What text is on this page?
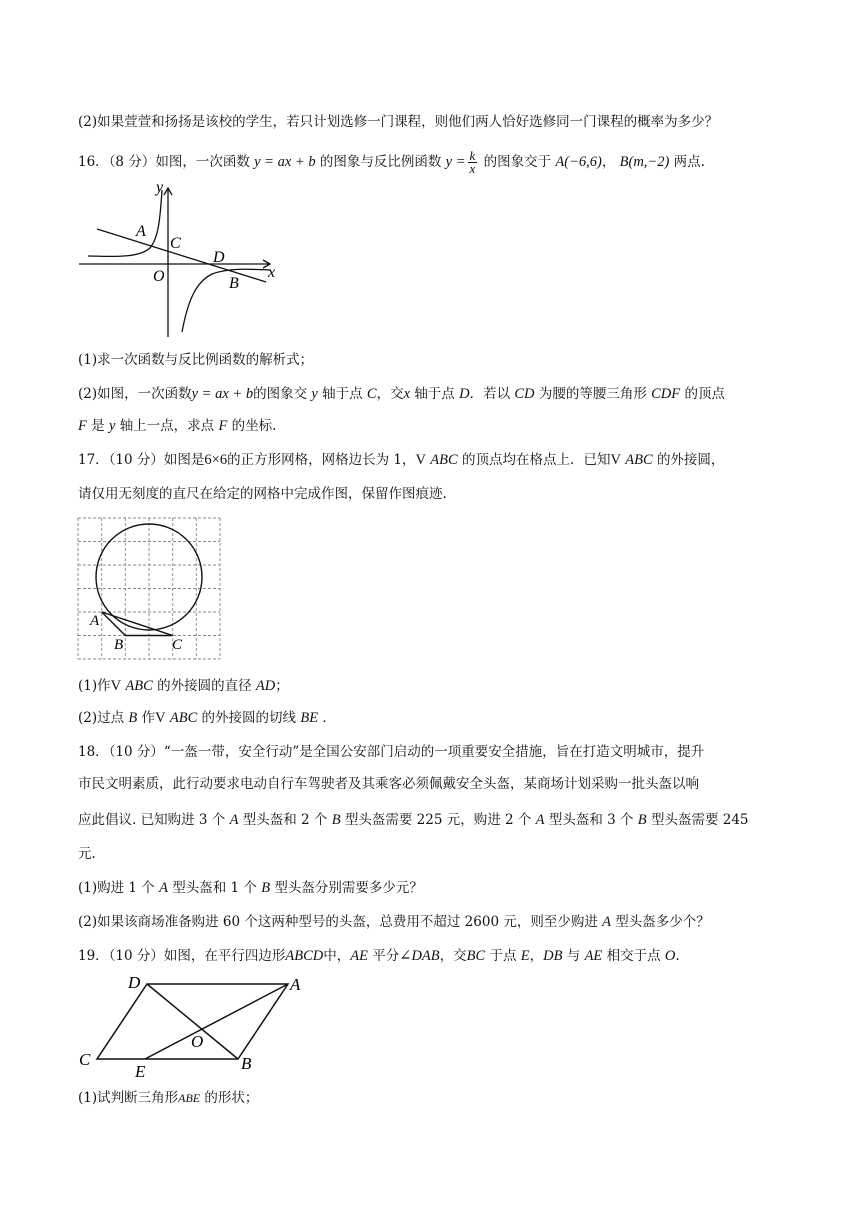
(2)如果萱萱和扬扬是该校的学生，若只计划选修一门课程，则他们两人恰好选修同一门课程的概率为多少？
16．（8 分）如图，一次函数 y = ax + b 的图象与反比例函数 $y = \frac{k}{x}$ 的图象交于 A(−6,6)， B(m,−2) 两点.
y
x
A
C
D
O	B
(1)求一次函数与反比例函数的解析式；
(2)如图，一次函数y = ax + b的图象交 y 轴于点 C，交x 轴于点 D．若以 CD 为腰的等腰三角形 CDF 的顶点
F 是 y 轴上一点，求点 F 的坐标.
17．（10 分）如图是6×6的正方形网格，网格边长为 1，V ABC 的顶点均在格点上．已知V ABC 的外接圆，
请仅用无刻度的直尺在给定的网格中完成作图，保留作图痕迹.
A
B	C
(1)作V ABC 的外接圆的直径 AD；
(2)过点 B 作V ABC 的外接圆的切线 BE ．
18．（10 分）“一盔一带，安全行动”是全国公安部门启动的一项重要安全措施，旨在打造文明城市，提升
市民文明素质，此行动要求电动自行车驾驶者及其乘客必须佩戴安全头盔，某商场计划采购一批头盔以响
应此倡议. 已知购进 3 个 A 型头盔和 2 个 B 型头盔需要 225 元，购进 2 个 A 型头盔和 3 个 B 型头盔需要 245
元.
(1)购进 1 个 A 型头盔和 1 个 B 型头盔分别需要多少元？
(2)如果该商场准备购进 60 个这两种型号的头盔，总费用不超过 2600 元，则至少购进 A 型头盔多少个？
19．（10 分）如图，在平行四边形ABCD中，AE 平分∠DAB，交BC 于点 E，DB 与 AE 相交于点 O.
D	A
O
C
E	B
(1)试判断三角形ABE 的形状；
